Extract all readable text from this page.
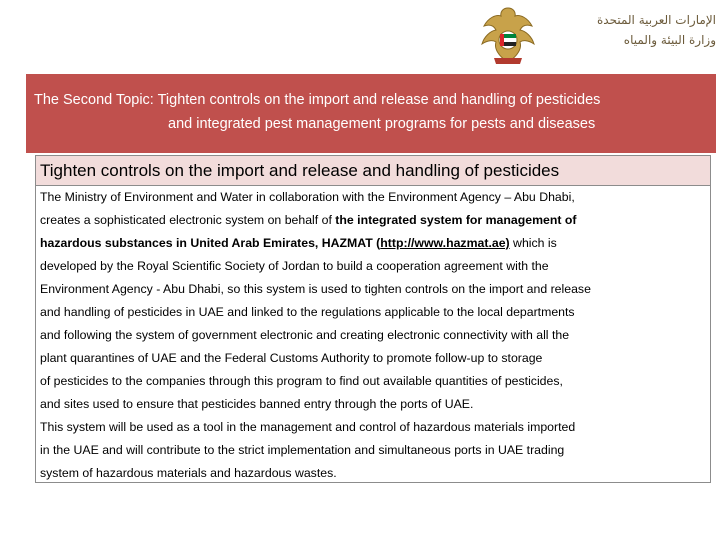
الإمارات العربية المتحدة
وزارة البيئة والمياه
The Second Topic: Tighten controls on the import and release and handling of pesticides
and integrated pest management programs for pests and diseases
Tighten controls on the import and release and handling of pesticides
The Ministry of Environment and Water in collaboration with the Environment Agency – Abu Dhabi,
creates a sophisticated electronic system on behalf of the integrated system for management of
hazardous substances in United Arab Emirates, HAZMAT (http://www.hazmat.ae) which is
developed by the Royal Scientific Society of Jordan to build a cooperation agreement with the
Environment Agency - Abu Dhabi, so this system is used to tighten controls on the import and release
and handling of pesticides in UAE and linked to the regulations applicable to the local departments
and following the system of government electronic and creating electronic connectivity with all the
plant quarantines of UAE and the Federal Customs Authority to promote follow-up to storage
of pesticides to the companies through this program to find out available quantities of pesticides,
and sites used to ensure that pesticides banned entry through the ports of UAE.
This system will be used as a tool in the management and control of hazardous materials imported
in the UAE and will contribute to the strict implementation and simultaneous ports in UAE trading
system of hazardous materials and hazardous wastes.
